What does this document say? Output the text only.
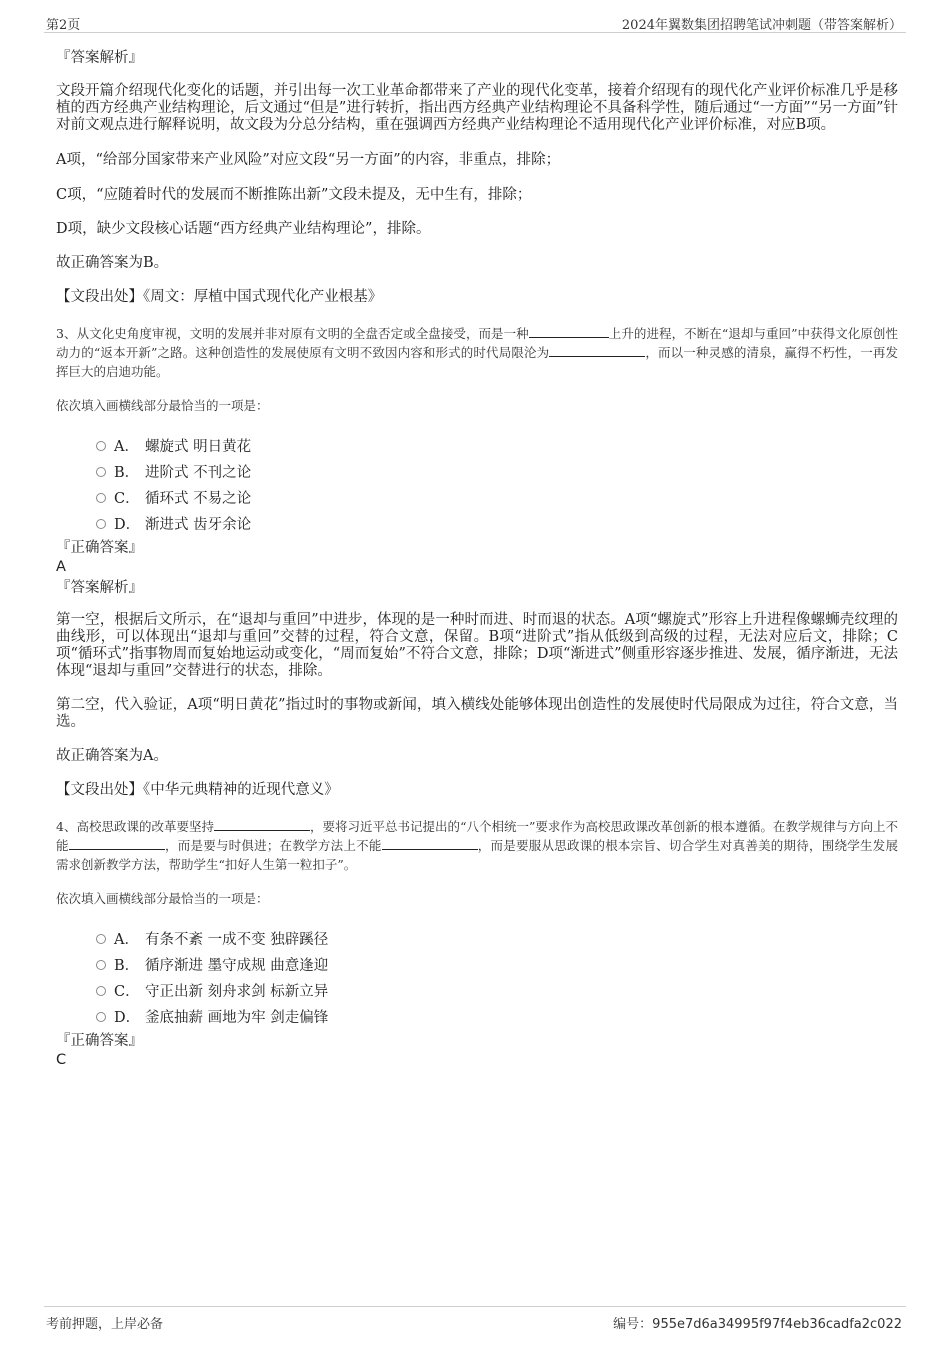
第2页	2024年翼数集团招聘笔试冲刺题（带答案解析）

『答案解析』

文段开篇介绍现代化变化的话题，并引出每一次工业革命都带来了产业的现代化变革，接着介绍现有的现代化产业评价标准几乎是移植的西方经典产业结构理论，后文通过“但是”进行转折，指出西方经典产业结构理论不具备科学性，随后通过“一方面”“另一方面”针对前文观点进行解释说明，故文段为分总分结构，重在强调西方经典产业结构理论不适用现代化产业评价标准，对应B项。

A项，“给部分国家带来产业风险”对应文段“另一方面”的内容，非重点，排除；

C项，“应随着时代的发展而不断推陈出新”文段未提及，无中生有，排除；

D项，缺少文段核心话题“西方经典产业结构理论”，排除。

故正确答案为B。

【文段出处】《周文：厚植中国式现代化产业根基》

3、从文化史角度审视，文明的发展并非对原有文明的全盘否定或全盘接受，而是一种	上升的进程，不断在“退却与重回”中获得文化原创性动力的“返本开新”之路。这种创造性的发展使原有文明不致因内容和形式的时代局限沦为	，而以一种灵感的清泉，赢得不朽性，一再发挥巨大的启迪功能。

依次填入画横线部分最恰当的一项是：

A． 螺旋式 明日黄花
B． 进阶式 不刊之论
C． 循环式 不易之论
D． 渐进式 齿牙余论

『正确答案』

A

『答案解析』

第一空，根据后文所示，在“退却与重回”中进步，体现的是一种时而进、时而退的状态。A项“螺旋式”形容上升进程像螺蛳壳纹理的曲线形，可以体现出“退却与重回”交替的过程，符合文意，保留。B项“进阶式”指从低级到高级的过程，无法对应后文，排除；C项“循环式”指事物周而复始地运动或变化，“周而复始”不符合文意，排除；D项“渐进式”侧重形容逐步推进、发展，循序渐进，无法体现“退却与重回”交替进行的状态，排除。

第二空，代入验证，A项“明日黄花”指过时的事物或新闻，填入横线处能够体现出创造性的发展使时代局限成为过往，符合文意，当选。

故正确答案为A。

【文段出处】《中华元典精神的近现代意义》

4、高校思政课的改革要坚持	，要将习近平总书记提出的“八个相统一”要求作为高校思政课改革创新的根本遵循。在教学规律与方向上不能	，而是要与时俱进；在教学方法上不能	，而是要服从思政课的根本宗旨、切合学生对真善美的期待，围绕学生发展需求创新教学方法，帮助学生“扣好人生第一粒扣子”。

依次填入画横线部分最恰当的一项是：

A． 有条不紊 一成不变 独辟蹊径
B． 循序渐进 墨守成规 曲意逢迎
C． 守正出新 刻舟求剑 标新立异
D． 釜底抽薪 画地为牢 剑走偏锋

『正确答案』

C

考前押题，上岸必备	编号：955e7d6a34995f97f4eb36cadfa2c022
